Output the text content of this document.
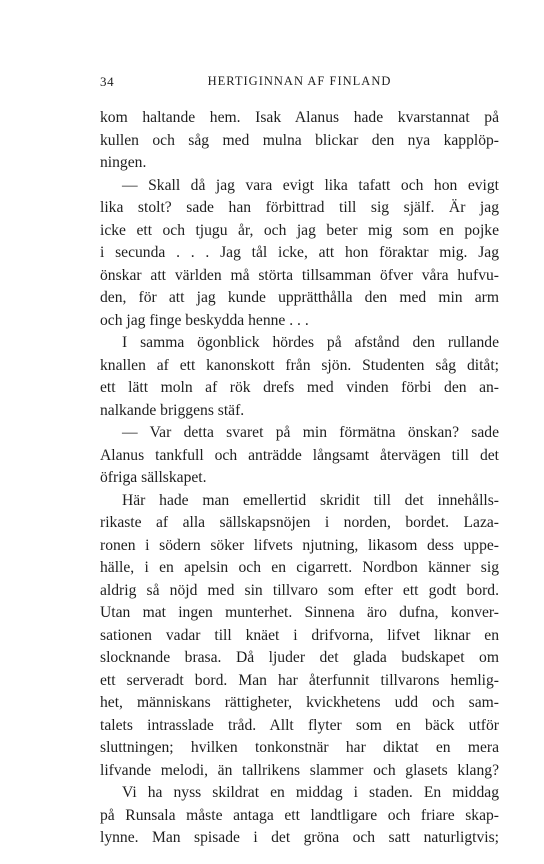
34	HERTIGINNAN AF FINLAND
kom haltande hem. Isak Alanus hade kvarstannat på
kullen och såg med mulna blickar den nya kapplöp-
ningen.
— Skall då jag vara evigt lika tafatt och hon evigt
lika stolt? sade han förbittrad till sig själf. Är jag
icke ett och tjugu år, och jag beter mig som en pojke
i secunda . . . Jag tål icke, att hon föraktar mig. Jag
önskar att världen må störta tillsamman öfver våra hufvu-
den, för att jag kunde upprätthålla den med min arm
och jag finge beskydda henne . . .
I samma ögonblick hördes på afstånd den rullande
knallen af ett kanonskott från sjön. Studenten såg ditåt;
ett lätt moln af rök drefs med vinden förbi den an-
nalkande briggens stäf.
— Var detta svaret på min förmätna önskan? sade
Alanus tankfull och anträdde långsamt återvägen till det
öfriga sällskapet.
Här hade man emellertid skridit till det innehålls-
rikaste af alla sällskapsnöjen i norden, bordet. Laza-
ronen i södern söker lifvets njutning, likasom dess uppe-
hälle, i en apelsin och en cigarrett. Nordbon känner sig
aldrig så nöjd med sin tillvaro som efter ett godt bord.
Utan mat ingen munterhet. Sinnena äro dufna, konver-
sationen vadar till knäet i drifvorna, lifvet liknar en
slocknande brasa. Då ljuder det glada budskapet om
ett serveradt bord. Man har återfunnit tillvarons hemlig-
het, människans rättigheter, kvickhetens udd och sam-
talets intrasslade tråd. Allt flyter som en bäck utför
sluttningen; hvilken tonkonstnär har diktat en mera
lifvande melodi, än tallrikens slammer och glasets klang?
Vi ha nyss skildrat en middag i staden. En middag
på Runsala måste antaga ett landtligare och friare skap-
lynne. Man spisade i det gröna och satt naturligtvis;
